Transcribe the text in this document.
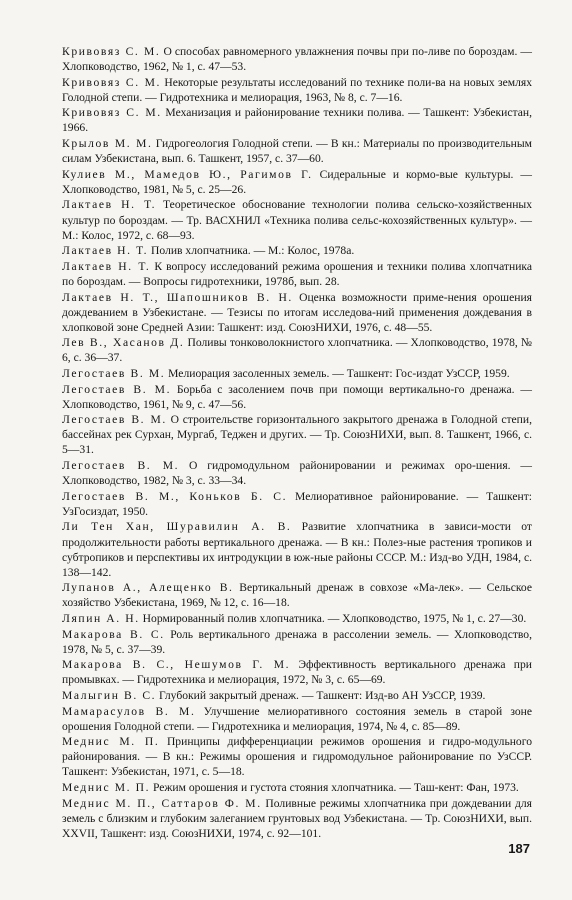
Кривовяз С. М. О способах равномерного увлажнения почвы при по-ливе по бороздам. — Хлопководство, 1962, № 1, с. 47—53.

Кривовяз С. М. Некоторые результаты исследований по технике поли-ва на новых землях Голодной степи. — Гидротехника и мелиорация, 1963, № 8, с. 7—16.

Кривовяз С. М. Механизация и районирование техники полива. — Ташкент: Узбекистан, 1966.

Крылов М. М. Гидрогеология Голодной степи. — В кн.: Материалы по производительным силам Узбекистана, вып. 6. Ташкент, 1957, с. 37—60.

Кулиев М., Мамедов Ю., Рагимов Г. Сидеральные и кормо-вые культуры. — Хлопководство, 1981, № 5, с. 25—26.

Лактаев Н. Т. Теоретическое обоснование технологии полива сельско-хозяйственных культур по бороздам. — Тр. ВАСХНИЛ «Техника полива сельс-кохозяйственных культур». — М.: Колос, 1972, с. 68—93.

Лактаев Н. Т. Полив хлопчатника. — М.: Колос, 1978а.

Лактаев Н. Т. К вопросу исследований режима орошения и техники полива хлопчатника по бороздам. — Вопросы гидротехники, 1978б, вып. 28.

Лактаев Н. Т., Шапошников В. Н. Оценка возможности приме-нения орошения дождеванием в Узбекистане. — Тезисы по итогам исследова-ний применения дождевания в хлопковой зоне Средней Азии: Ташкент: изд. СоюзНИХИ, 1976, с. 48—55.

Лев В., Хасанов Д. Поливы тонковолокнистого хлопчатника. — Хлопководство, 1978, № 6, с. 36—37.

Легостаев В. М. Мелиорация засоленных земель. — Ташкент: Гос-издат УзССР, 1959.

Легостаев В. М. Борьба с засолением почв при помощи вертикально-го дренажа. — Хлопководство, 1961, № 9, с. 47—56.

Легостаев В. М. О строительстве горизонтального закрытого дренажа в Голодной степи, бассейнах рек Сурхан, Мургаб, Теджен и других. — Тр. СоюзНИХИ, вып. 8. Ташкент, 1966, с. 5—31.

Легостаев В. М. О гидромодульном районировании и режимах оро-шения. — Хлопководство, 1982, № 3, с. 33—34.

Легостаев В. М., Коньков Б. С. Мелиоративное районирование. — Ташкент: УзГосиздат, 1950.

Ли Тен Хан, Шуравилин А. В. Развитие хлопчатника в зависи-мости от продолжительности работы вертикального дренажа. — В кн.: Полез-ные растения тропиков и субтропиков и перспективы их интродукции в юж-ные районы СССР. М.: Изд-во УДН, 1984, с. 138—142.

Лупанов А., Алещенко В. Вертикальный дренаж в совхозе «Ма-лек». — Сельское хозяйство Узбекистана, 1969, № 12, с. 16—18.

Ляпин А. Н. Нормированный полив хлопчатника. — Хлопководство, 1975, № 1, с. 27—30.

Макарова В. С. Роль вертикального дренажа в рассолении земель. — Хлопководство, 1978, № 5, с. 37—39.

Макарова В. С., Нешумов Г. М. Эффективность вертикального дренажа при промывках. — Гидротехника и мелиорация, 1972, № 3, с. 65—69.

Малыгин В. С. Глубокий закрытый дренаж. — Ташкент: Изд-во АН УзССР, 1939.

Мамарасулов В. М. Улучшение мелиоративного состояния земель в старой зоне орошения Голодной степи. — Гидротехника и мелиорация, 1974, № 4, с. 85—89.

Меднис М. П. Принципы дифференциации режимов орошения и гидро-модульного районирования. — В кн.: Режимы орошения и гидромодульное районирование по УзССР. Ташкент: Узбекистан, 1971, с. 5—18.

Меднис М. П. Режим орошения и густота стояния хлопчатника. — Таш-кент: Фан, 1973.

Меднис М. П., Саттаров Ф. М. Поливные режимы хлопчатника при дождевании для земель с близким и глубоким залеганием грунтовых вод Узбекистана. — Тр. СоюзНИХИ, вып. XXVII, Ташкент: изд. СоюзНИХИ, 1974, с. 92—101.

187
